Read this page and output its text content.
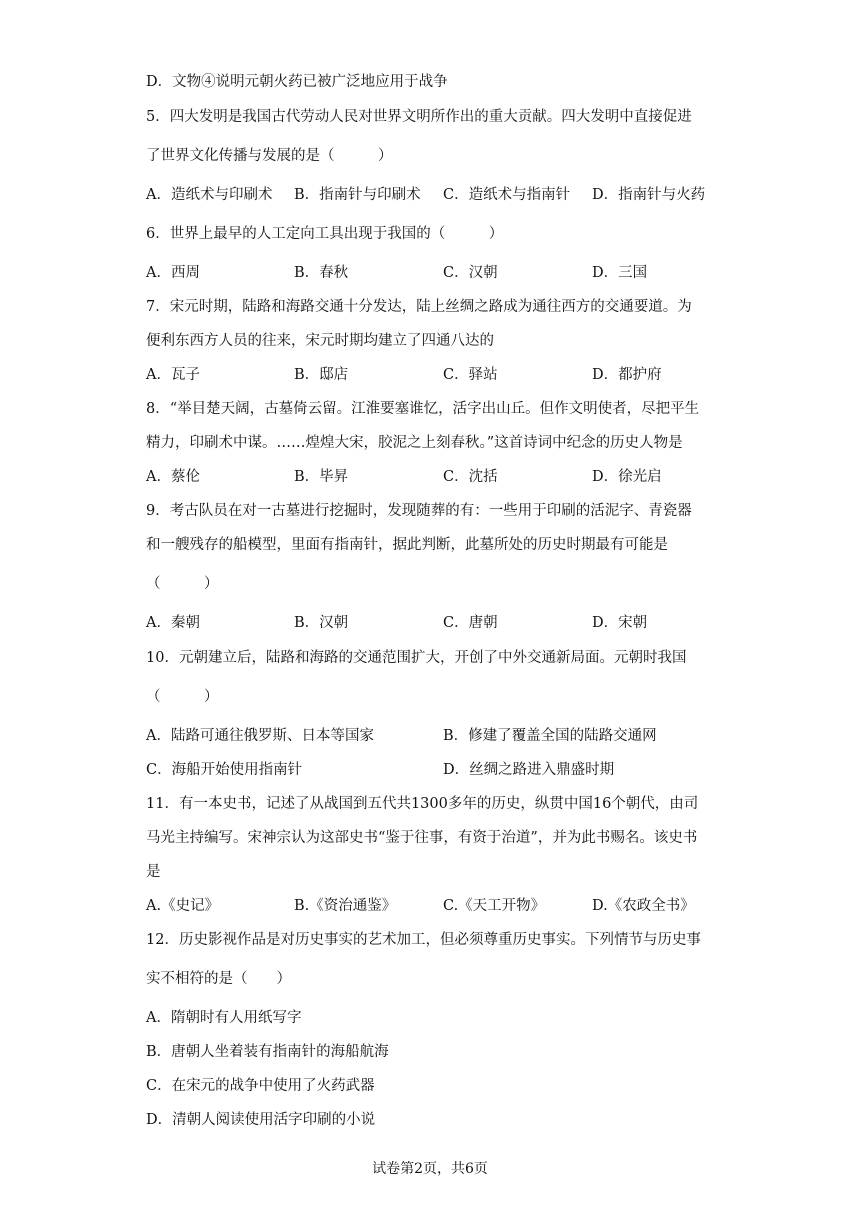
D．文物④说明元朝火药已被广泛地应用于战争
5．四大发明是我国古代劳动人民对世界文明所作出的重大贡献。四大发明中直接促进
了世界文化传播与发展的是（　　　）
A．造纸术与印刷术 B．指南针与印刷术 C．造纸术与指南针 D．指南针与火药
6．世界上最早的人工定向工具出现于我国的（　　　）
A．西周	B．春秋	C．汉朝	D．三国
7．宋元时期，陆路和海路交通十分发达，陆上丝绸之路成为通往西方的交通要道。为
便利东西方人员的往来，宋元时期均建立了四通八达的
A．瓦子	B．邸店	C．驿站	D．都护府
8．“举目楚天阔，古墓倚云留。江淮要塞谁忆，活字出山丘。但作文明使者，尽把平生
精力，印刷术中谋。……煌煌大宋，胶泥之上刻春秋。”这首诗词中纪念的历史人物是
A．蔡伦	B．毕昇	C．沈括	D．徐光启
9．考古队员在对一古墓进行挖掘时，发现随葬的有：一些用于印刷的活泥字、青瓷器
和一艘残存的船模型，里面有指南针，据此判断，此墓所处的历史时期最有可能是
（　　　）
A．秦朝	B．汉朝	C．唐朝	D．宋朝
10．元朝建立后，陆路和海路的交通范围扩大，开创了中外交通新局面。元朝时我国
（　　　）
A．陆路可通往俄罗斯、日本等国家	B．修建了覆盖全国的陆路交通网
C．海船开始使用指南针	D．丝绸之路进入鼎盛时期
11．有一本史书，记述了从战国到五代共1300多年的历史，纵贯中国16个朝代，由司
马光主持编写。宋神宗认为这部史书“鉴于往事，有资于治道”，并为此书赐名。该史书
是
A.《史记》	B.《资治通鉴》	C.《天工开物》	D.《农政全书》
12．历史影视作品是对历史事实的艺术加工，但必须尊重历史事实。下列情节与历史事
实不相符的是（　　）
A．隋朝时有人用纸写字
B．唐朝人坐着装有指南针的海船航海
C．在宋元的战争中使用了火药武器
D．清朝人阅读使用活字印刷的小说
试卷第2页，共6页
